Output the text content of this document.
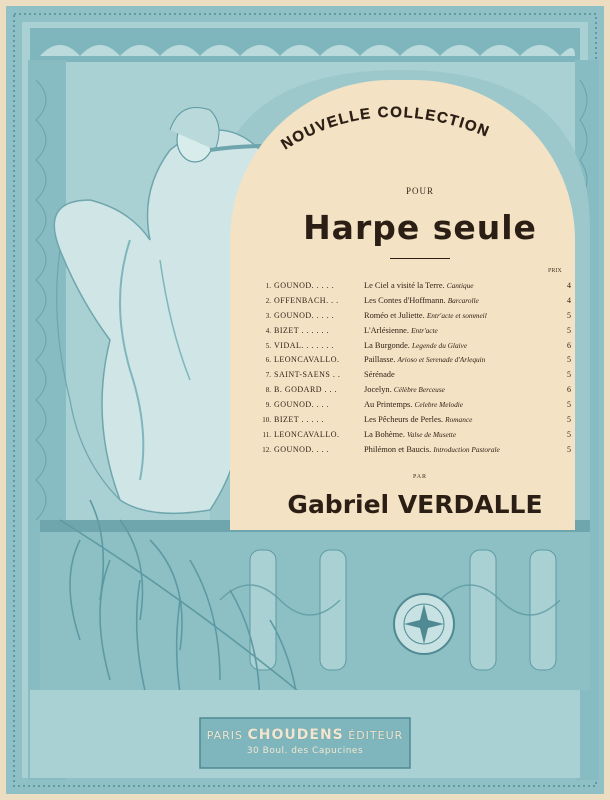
NOUVELLE COLLECTION
POUR
Harpe seule
PRIX
1. GOUNOD. . . . .	Le Ciel a visité la Terre. Cantique	4
2. OFFENBACH. . .	Les Contes d'Hoffmann. Barcarolle	4
3. GOUNOD. . . . .	Roméo et Juliette. Entr'acte et sommeil	5
4. BIZET . . . . . .	L'Arlésienne. Entr'acte	5
5. VIDAL. . . . . . .	La Burgonde. Legende du Glaive	6
6. LEONCAVALLO.	Paillasse. Arioso et Serenade d'Arlequin	5
7. SAINT-SAENS . .	Sérénade	5
8. B. GODARD . . .	Jocelyn. Célèbre Berceuse	6
9. GOUNOD. . . .	Au Printemps. Celebre Melodie	5
10. BIZET . . . . .	Les Pêcheurs de Perles. Romance	5
11. LEONCAVALLO.	La Bohème. Valse de Musette	5
12. GOUNOD. . . .	Philémon et Baucis. Introduction Pastorale	5
PAR
Gabriel VERDALLE
PARIS CHOUDENS ÉDITEUR
30 Boul. des Capucines
